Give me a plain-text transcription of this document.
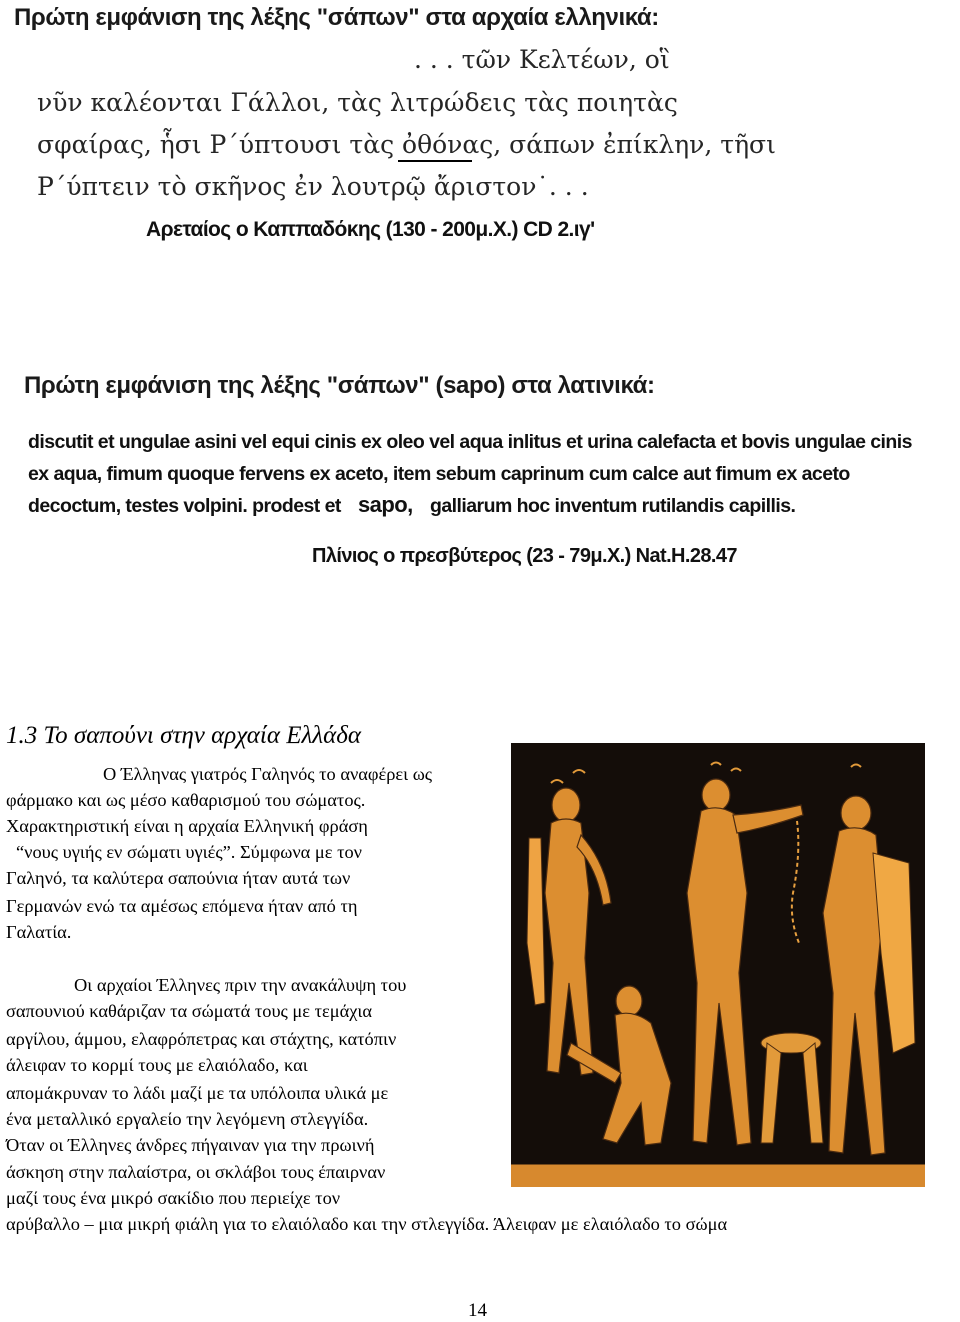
Πρώτη εμφάνιση της λέξης "σάπων" στα αρχαία ελληνικά:
. . . τῶν Κελτέων, οἳ
νῦν καλέονται Γάλλοι, τὰς λιτρώδεις τὰς ποιητὰς
σφαίρας, ἧσι Ρ΄ύπτουσι τὰς ὀθόνας, σάπων ἐπίκλην, τῆσι
Ρ΄ύπτειν τὸ σκῆνος ἐν λουτρῷ ἄριστον˙. . .
Αρεταίος ο Καππαδόκης (130 - 200μ.Χ.) CD 2.ιγ'
Πρώτη εμφάνιση της λέξης "σάπων" (sapo) στα λατινικά:
discutit et ungulae asini vel equi cinis ex oleo vel aqua inlitus et urina calefacta et bovis ungulae cinis
ex aqua, fimum quoque fervens ex aceto, item sebum caprinum cum calce aut fimum ex aceto
decoctum, testes volpini. prodest et sapo, galliarum hoc inventum rutilandis capillis.
Πλίνιος ο πρεσβύτερος (23 - 79μ.Χ.) Nat.H.28.47
1.3 Το σαπούνι στην αρχαία Ελλάδα
Ο Έλληνας γιατρός Γαληνός το αναφέρει ως
φάρμακο και ως μέσο καθαρισμού του σώματος.
Χαρακτηριστική είναι η αρχαία Ελληνική φράση
“νους υγιής εν σώματι υγιές”. Σύμφωνα με τον
Γαληνό, τα καλύτερα σαπούνια ήταν αυτά των
Γερμανών ενώ τα αμέσως επόμενα ήταν από τη
Γαλατία.
Οι αρχαίοι Έλληνες πριν την ανακάλυψη του
σαπουνιού καθάριζαν τα σώματά τους με τεμάχια
αργίλου, άμμου, ελαφρόπετρας και στάχτης, κατόπιν
άλειφαν το κορμί τους με ελαιόλαδο, και
απομάκρυναν το λάδι μαζί με τα υπόλοιπα υλικά με
ένα μεταλλικό εργαλείο την λεγόμενη στλεγγίδα.
Όταν οι Έλληνες άνδρες πήγαιναν για την πρωινή
άσκηση στην παλαίστρα, οι σκλάβοι τους έπαιρναν
μαζί τους ένα μικρό σακίδιο που περιείχε τον
αρύβαλλο – μια μικρή φιάλη για το ελαιόλαδο και την στλεγγίδα. Άλειφαν με ελαιόλαδο το σώμα
14
